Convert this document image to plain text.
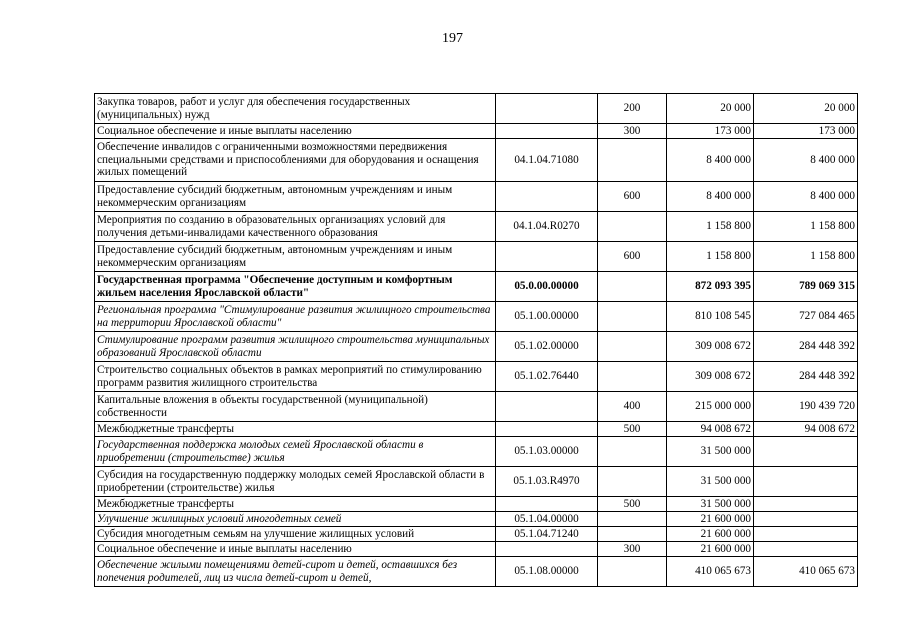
197
Закупка товаров, работ и услуг для обеспечения государственных (муниципальных) нужд		200	20 000	20 000
Социальное обеспечение и иные выплаты населению		300	173 000	173 000
Обеспечение инвалидов с ограниченными возможностями передвижения специальными средствами и приспособлениями для оборудования и оснащения жилых помещений	04.1.04.71080		8 400 000	8 400 000
Предоставление субсидий бюджетным, автономным учреждениям и иным некоммерческим организациям		600	8 400 000	8 400 000
Мероприятия по созданию в образовательных организациях условий для получения детьми-инвалидами качественного образования	04.1.04.R0270		1 158 800	1 158 800
Предоставление субсидий бюджетным, автономным учреждениям и иным некоммерческим организациям		600	1 158 800	1 158 800
Государственная программа "Обеспечение доступным и комфортным жильем населения Ярославской области"	05.0.00.00000		872 093 395	789 069 315
Региональная программа "Стимулирование развития жилищного строительства на территории Ярославской области"	05.1.00.00000		810 108 545	727 084 465
Стимулирование программ развития жилищного строительства муниципальных образований Ярославской области	05.1.02.00000		309 008 672	284 448 392
Строительство социальных объектов в рамках мероприятий по стимулированию программ развития жилищного строительства	05.1.02.76440		309 008 672	284 448 392
Капитальные вложения в объекты государственной (муниципальной) собственности		400	215 000 000	190 439 720
Межбюджетные трансферты		500	94 008 672	94 008 672
Государственная поддержка молодых семей Ярославской области в приобретении (строительстве) жилья	05.1.03.00000		31 500 000	
Субсидия на государственную поддержку молодых семей Ярославской области в приобретении (строительстве) жилья	05.1.03.R4970		31 500 000	
Межбюджетные трансферты		500	31 500 000	
Улучшение жилищных условий многодетных семей	05.1.04.00000		21 600 000	
Субсидия многодетным семьям на улучшение жилищных условий	05.1.04.71240		21 600 000	
Социальное обеспечение и иные выплаты населению		300	21 600 000	
Обеспечение жилыми помещениями детей-сирот и детей, оставшихся без попечения родителей, лиц из числа детей-сирот и детей,	05.1.08.00000		410 065 673	410 065 673
